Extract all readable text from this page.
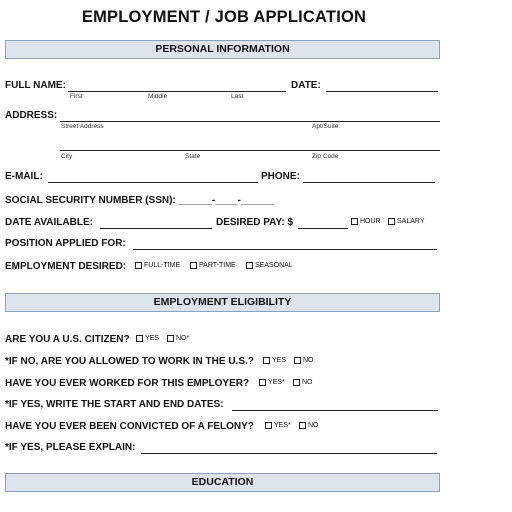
EMPLOYMENT / JOB APPLICATION
PERSONAL INFORMATION
FULL NAME:
First	Middle	Last
DATE:
ADDRESS:
Street Address	Apt/Suite
City	State	Zip Code
E-MAIL:	PHONE:
SOCIAL SECURITY NUMBER (SSN): ______-____-______
DATE AVAILABLE:	DESIRED PAY: $	HOUR SALARY
POSITION APPLIED FOR:
EMPLOYMENT DESIRED:	FULL-TIME	PART-TIME	SEASONAL
EMPLOYMENT ELIGIBILITY
ARE YOU A U.S. CITIZEN? YES NO*
*IF NO, ARE YOU ALLOWED TO WORK IN THE U.S.?	YES NO
HAVE YOU EVER WORKED FOR THIS EMPLOYER?	YES* NO
*IF YES, WRITE THE START AND END DATES:
HAVE YOU EVER BEEN CONVICTED OF A FELONY?	YES* NO
*IF YES, PLEASE EXPLAIN:
EDUCATION
